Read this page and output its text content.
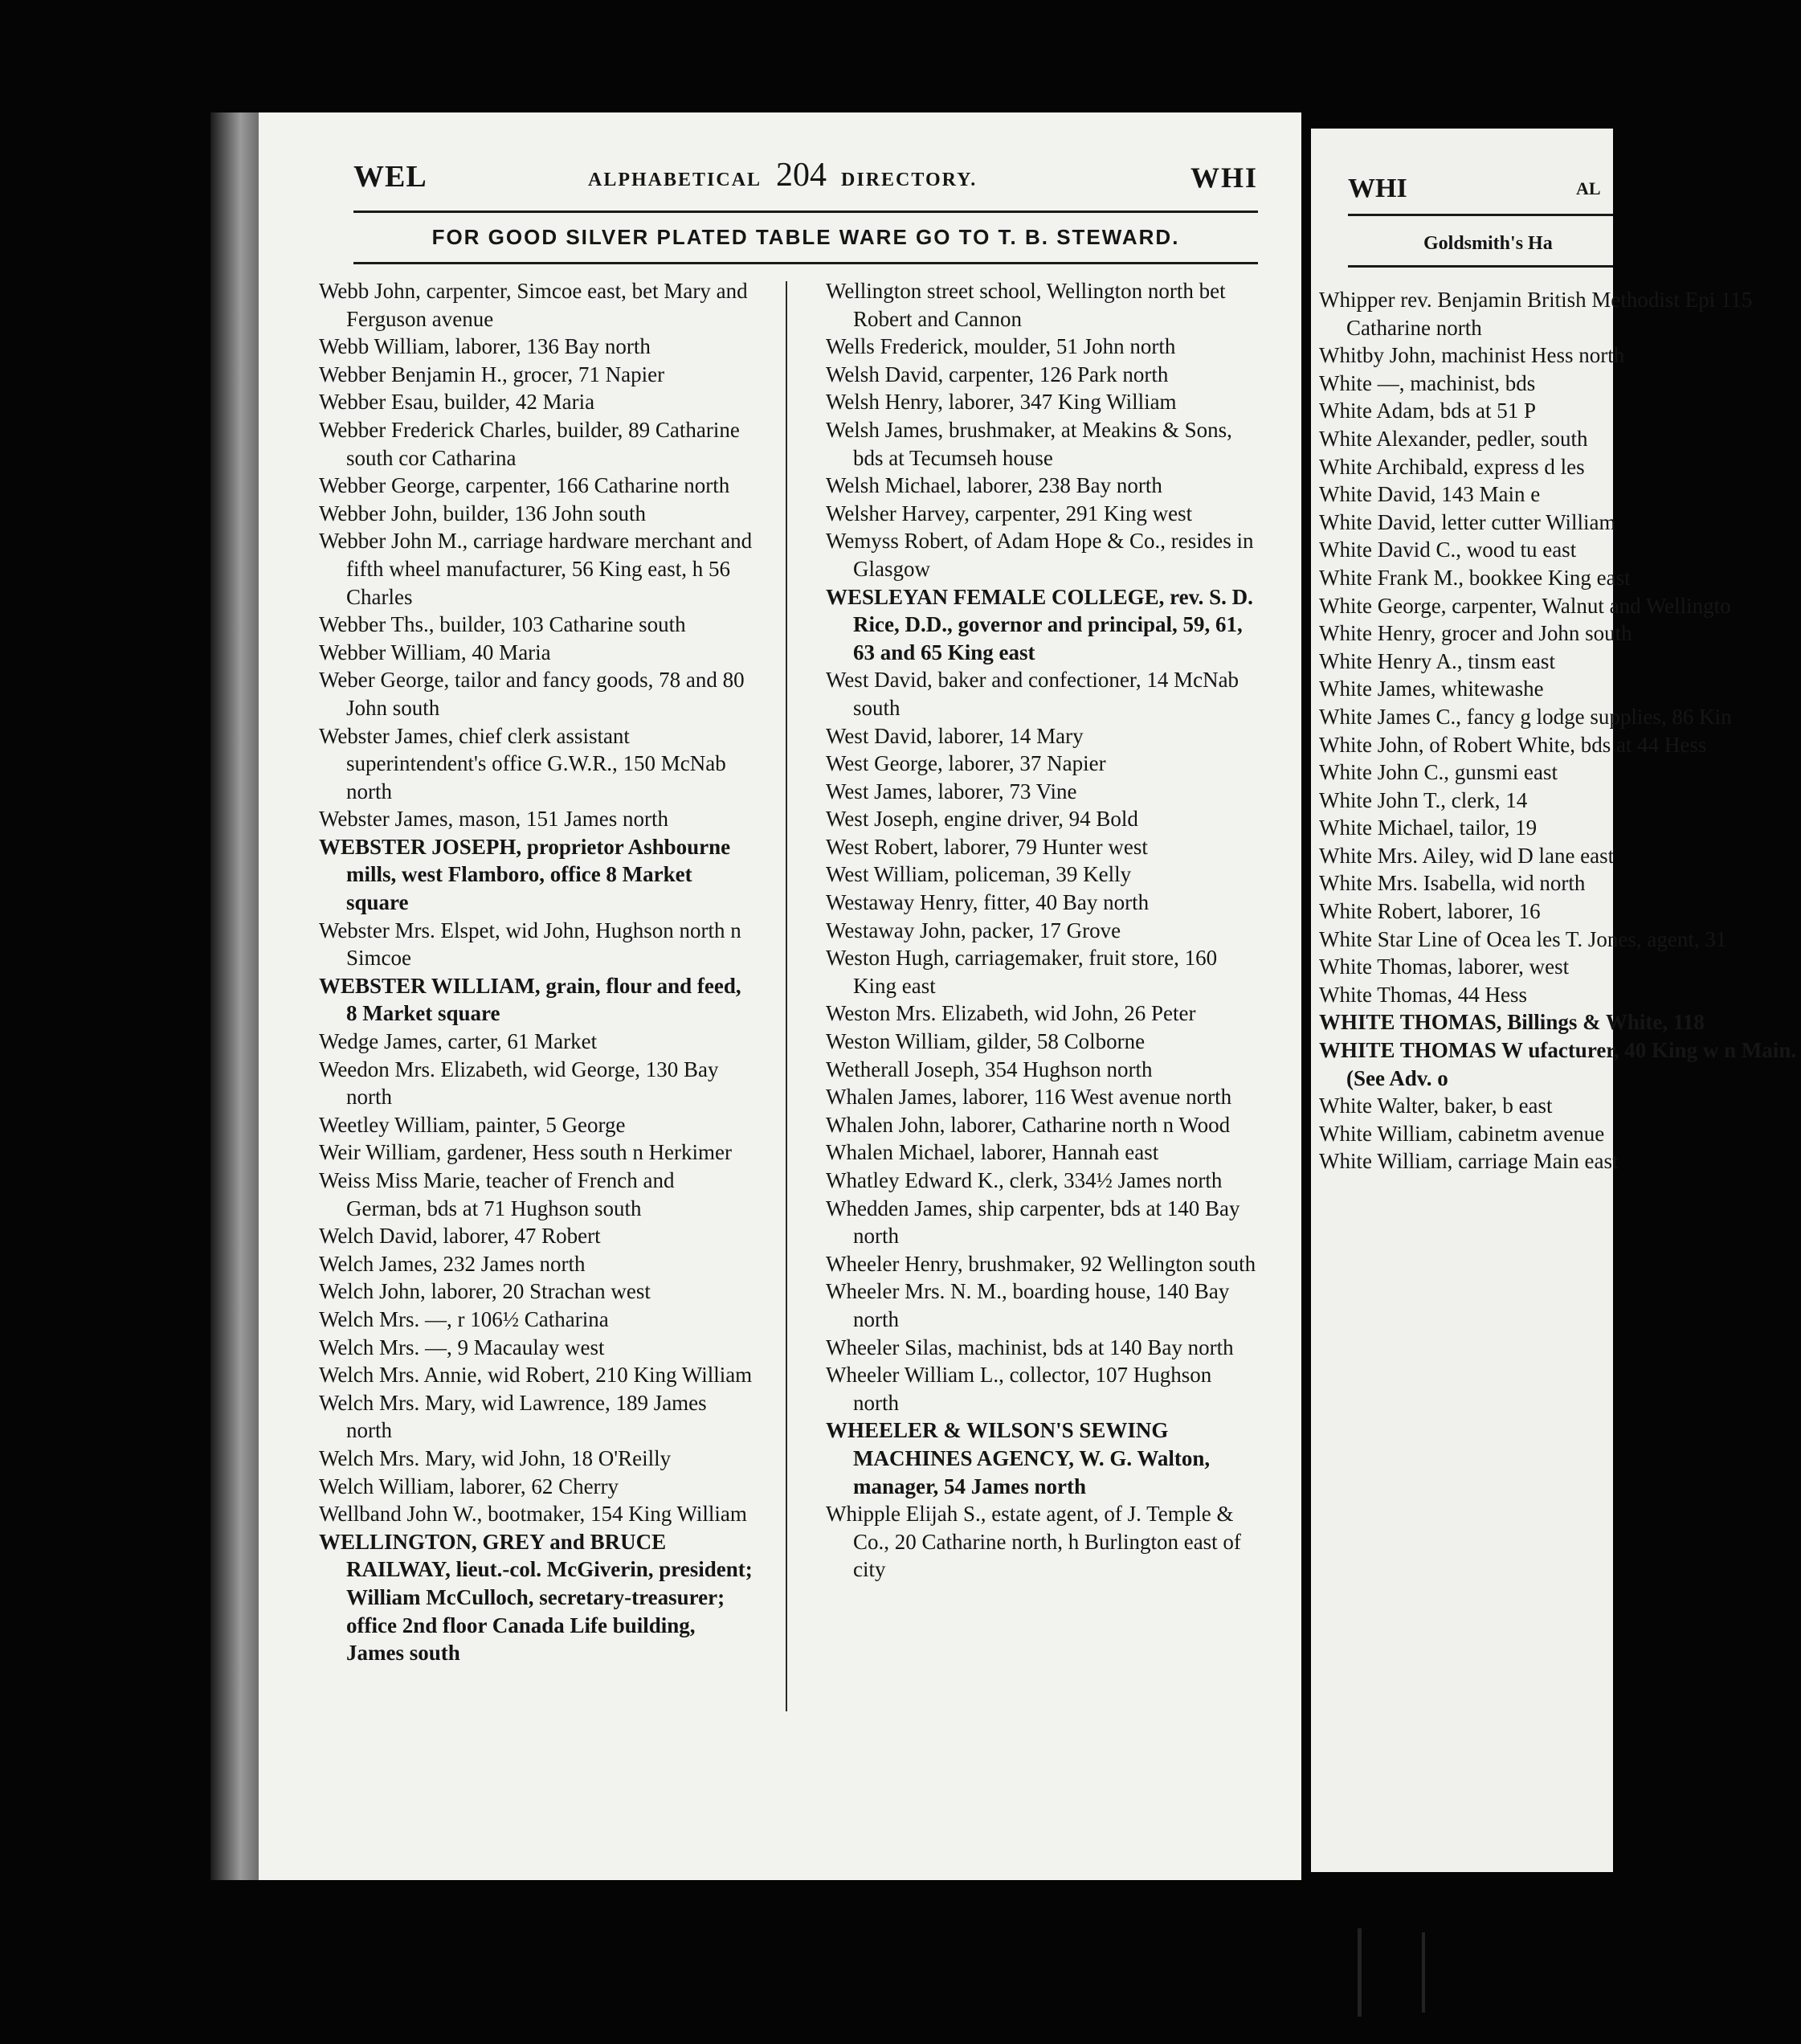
WEL	ALPHABETICAL 204 DIRECTORY.	WHI
FOR GOOD SILVER PLATED TABLE WARE GO TO T. B. STEWARD.

Webb John, carpenter, Simcoe east, bet Mary and Ferguson avenue

Webb William, laborer, 136 Bay north

Webber Benjamin H., grocer, 71 Napier

Webber Esau, builder, 42 Maria

Webber Frederick Charles, builder, 89 Catharine south cor Catharina

Webber George, carpenter, 166 Catharine north

Webber John, builder, 136 John south

Webber John M., carriage hardware merchant and fifth wheel manufacturer, 56 King east, h 56 Charles

Webber Ths., builder, 103 Catharine south

Webber William, 40 Maria

Weber George, tailor and fancy goods, 78 and 80 John south

Webster James, chief clerk assistant superintendent's office G.W.R., 150 McNab north

Webster James, mason, 151 James north

WEBSTER JOSEPH, proprietor Ashbourne mills, west Flamboro, office 8 Market square

Webster Mrs. Elspet, wid John, Hughson north n Simcoe

WEBSTER WILLIAM, grain, flour and feed, 8 Market square

Wedge James, carter, 61 Market

Weedon Mrs. Elizabeth, wid George, 130 Bay north

Weetley William, painter, 5 George

Weir William, gardener, Hess south n Herkimer

Weiss Miss Marie, teacher of French and German, bds at 71 Hughson south

Welch David, laborer, 47 Robert

Welch James, 232 James north

Welch John, laborer, 20 Strachan west

Welch Mrs. —, r 106½ Catharina

Welch Mrs. —, 9 Macaulay west

Welch Mrs. Annie, wid Robert, 210 King William

Welch Mrs. Mary, wid Lawrence, 189 James north

Welch Mrs. Mary, wid John, 18 O'Reilly

Welch William, laborer, 62 Cherry

Wellband John W., bootmaker, 154 King William

WELLINGTON, GREY and BRUCE RAILWAY, lieut.-col. McGiverin, president; William McCulloch, secretary-treasurer; office 2nd floor Canada Life building, James south

Wellington street school, Wellington north bet Robert and Cannon

Wells Frederick, moulder, 51 John north

Welsh David, carpenter, 126 Park north

Welsh Henry, laborer, 347 King William

Welsh James, brushmaker, at Meakins & Sons, bds at Tecumseh house

Welsh Michael, laborer, 238 Bay north

Welsher Harvey, carpenter, 291 King west

Wemyss Robert, of Adam Hope & Co., resides in Glasgow

WESLEYAN FEMALE COLLEGE, rev. S. D. Rice, D.D., governor and principal, 59, 61, 63 and 65 King east

West David, baker and confectioner, 14 McNab south

West David, laborer, 14 Mary

West George, laborer, 37 Napier

West James, laborer, 73 Vine

West Joseph, engine driver, 94 Bold

West Robert, laborer, 79 Hunter west

West William, policeman, 39 Kelly

Westaway Henry, fitter, 40 Bay north

Westaway John, packer, 17 Grove

Weston Hugh, carriagemaker, fruit store, 160 King east

Weston Mrs. Elizabeth, wid John, 26 Peter

Weston William, gilder, 58 Colborne

Wetherall Joseph, 354 Hughson north

Whalen James, laborer, 116 West avenue north

Whalen John, laborer, Catharine north n Wood

Whalen Michael, laborer, Hannah east

Whatley Edward K., clerk, 334½ James north

Whedden James, ship carpenter, bds at 140 Bay north

Wheeler Henry, brushmaker, 92 Wellington south

Wheeler Mrs. N. M., boarding house, 140 Bay north

Wheeler Silas, machinist, bds at 140 Bay north

Wheeler William L., collector, 107 Hughson north

WHEELER & WILSON'S SEWING MACHINES AGENCY, W. G. Walton, manager, 54 James north

Whipple Elijah S., estate agent, of J. Temple & Co., 20 Catharine north, h Burlington east of city

WHI	AL
Goldsmith's Ha

Whipper rev. Benjamin British Methodist Epi 115 Catharine north

Whitby John, machinist Hess north

White —, machinist, bds

White Adam, bds at 51 P

White Alexander, pedler, south

White Archibald, express d les

White David, 143 Main e

White David, letter cutter William

White David C., wood tu east

White Frank M., bookkee King east

White George, carpenter, Walnut and Wellingto

White Henry, grocer and John south

White Henry A., tinsm east

White James, whitewashe

White James C., fancy g lodge supplies, 86 Kin

White John, of Robert White, bds at 44 Hess

White John C., gunsmi east

White John T., clerk, 14

White Michael, tailor, 19

White Mrs. Ailey, wid D lane east

White Mrs. Isabella, wid north

White Robert, laborer, 16

White Star Line of Ocea les T. Jones, agent, 31

White Thomas, laborer, west

White Thomas, 44 Hess

WHITE THOMAS, Billings & White, 118

WHITE THOMAS W ufacturer, 40 King w n Main. (See Adv. o

White Walter, baker, b east

White William, cabinetm avenue

White William, carriage Main east
